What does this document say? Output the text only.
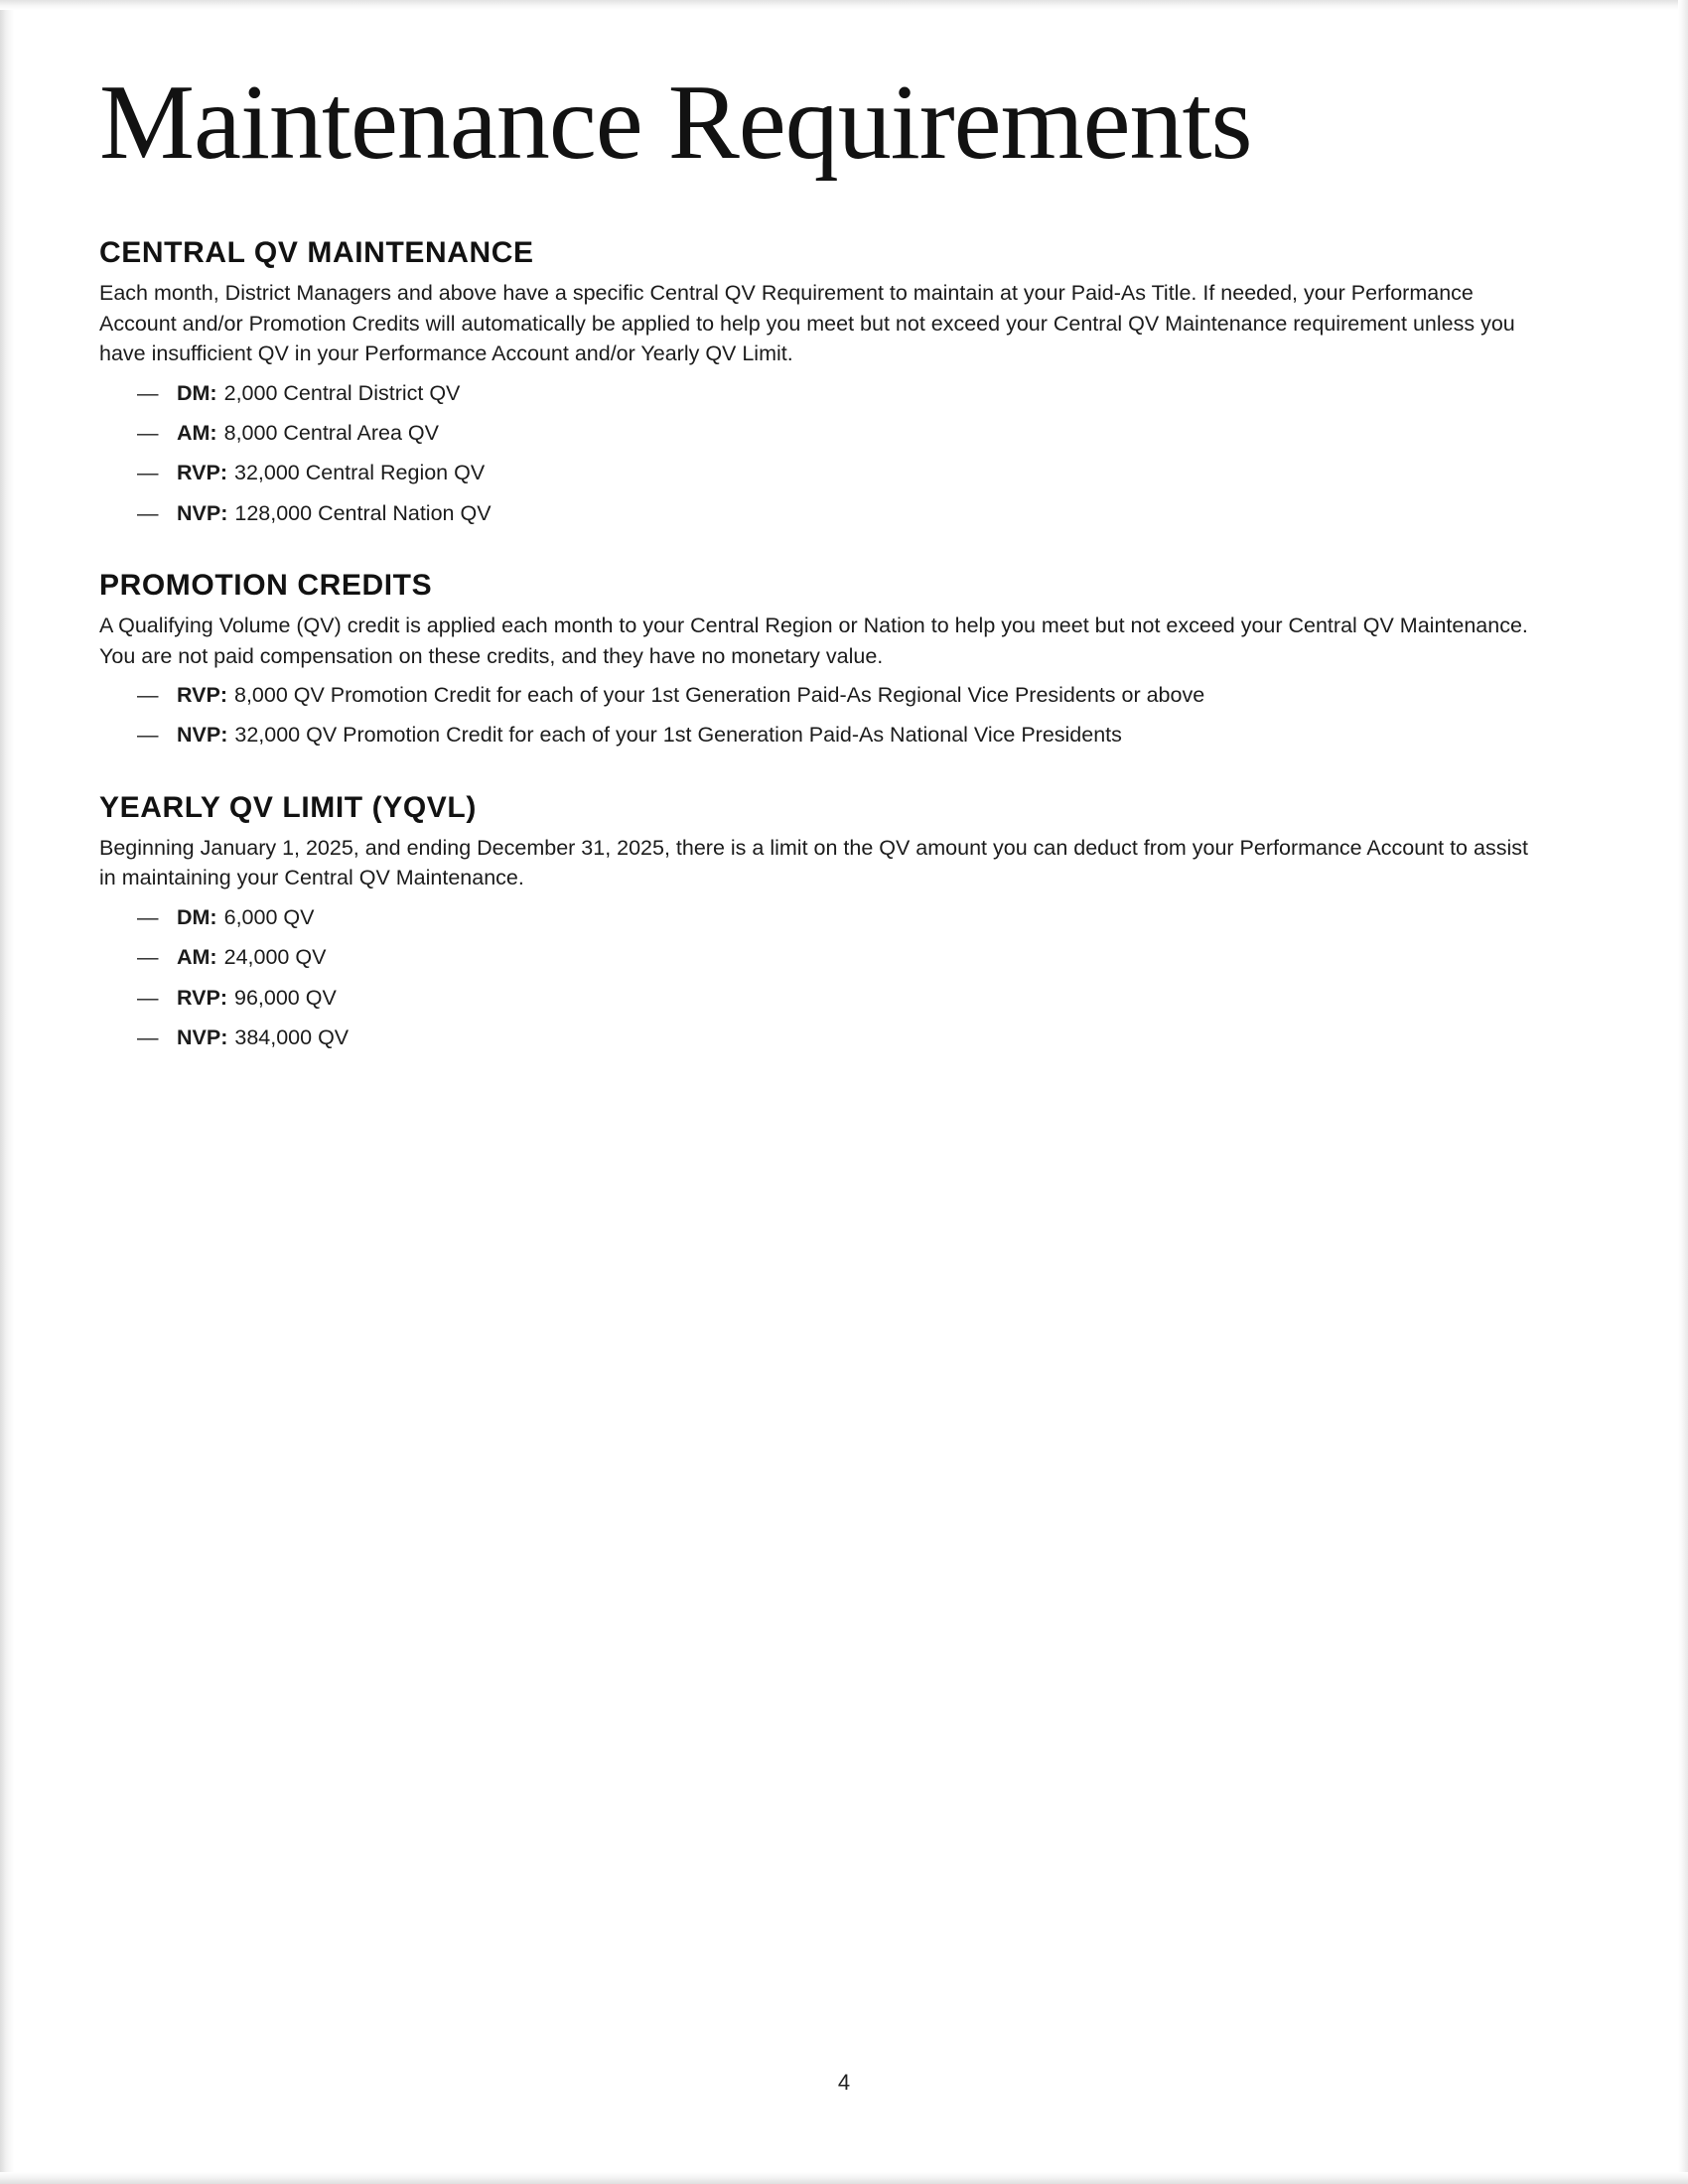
Maintenance Requirements
CENTRAL QV MAINTENANCE

Each month, District Managers and above have a specific Central QV Requirement to maintain at your Paid-As Title. If needed, your Performance Account and/or Promotion Credits will automatically be applied to help you meet but not exceed your Central QV Maintenance requirement unless you have insufficient QV in your Performance Account and/or Yearly QV Limit.

— DM: 2,000 Central District QV
— AM: 8,000 Central Area QV
— RVP: 32,000 Central Region QV
— NVP: 128,000 Central Nation QV
PROMOTION CREDITS

A Qualifying Volume (QV) credit is applied each month to your Central Region or Nation to help you meet but not exceed your Central QV Maintenance. You are not paid compensation on these credits, and they have no monetary value.

— RVP: 8,000 QV Promotion Credit for each of your 1st Generation Paid-As Regional Vice Presidents or above
— NVP: 32,000 QV Promotion Credit for each of your 1st Generation Paid-As National Vice Presidents
YEARLY QV LIMIT (YQVL)

Beginning January 1, 2025, and ending December 31, 2025, there is a limit on the QV amount you can deduct from your Performance Account to assist in maintaining your Central QV Maintenance.

— DM: 6,000 QV
— AM: 24,000 QV
— RVP: 96,000 QV
— NVP: 384,000 QV
4
